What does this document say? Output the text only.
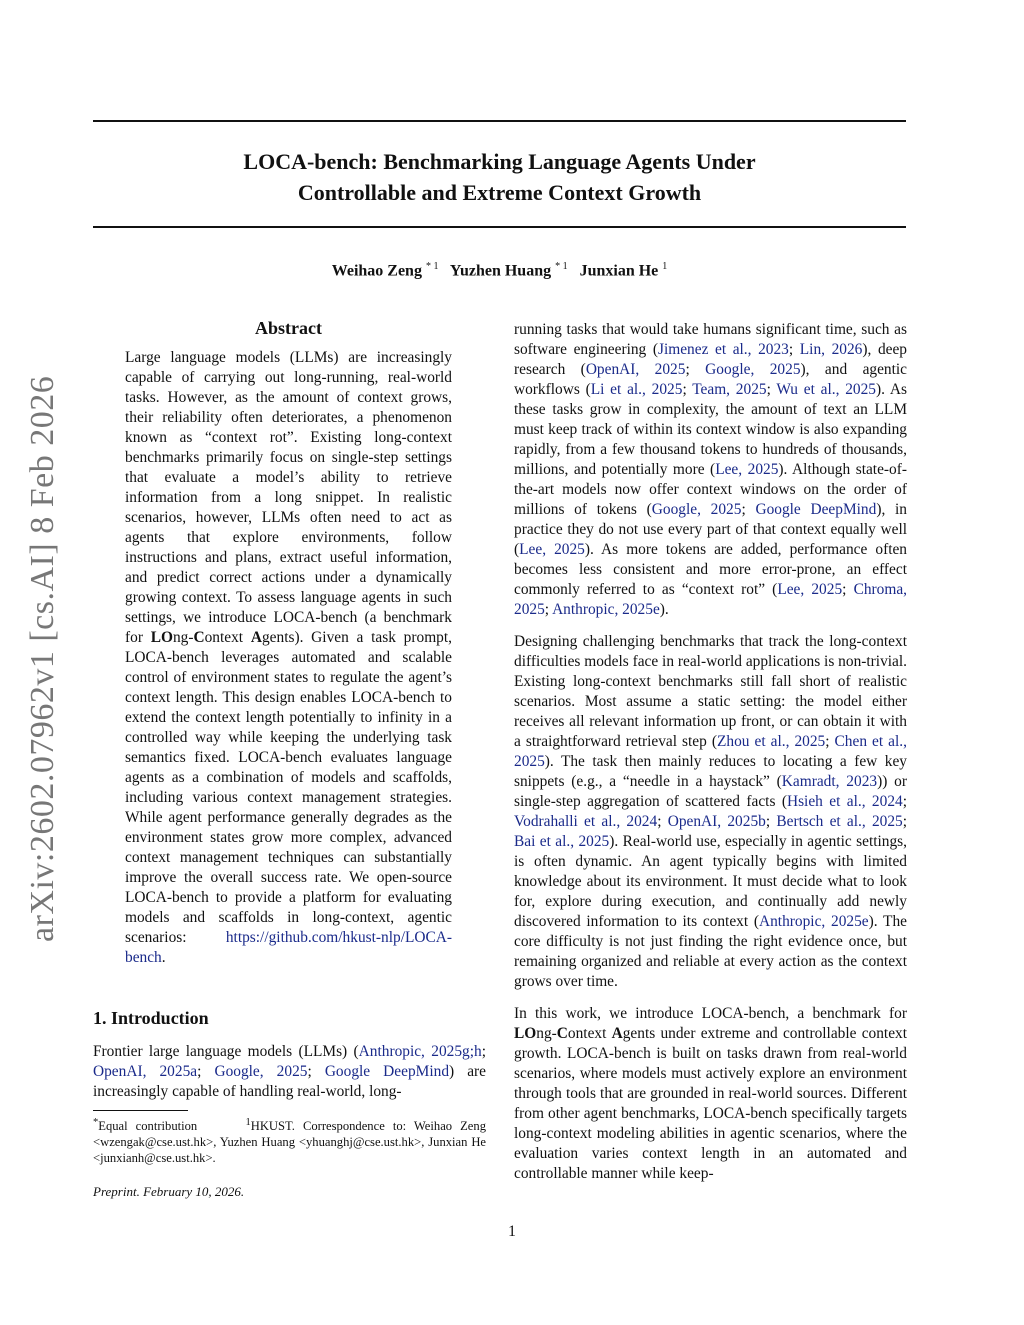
LOCA-bench: Benchmarking Language Agents Under
Controllable and Extreme Context Growth
Weihao Zeng $^{* 1}$ Yuzhen Huang $^{* 1}$ Junxian He $^1$
arXiv:2602.07962v1 [cs.AI] 8 Feb 2026
Abstract
Large language models (LLMs) are increasingly capable of carrying out long-running, real-world tasks. However, as the amount of context grows, their reliability often deteriorates, a phenomenon known as “context rot”. Existing long-context benchmarks primarily focus on single-step settings that evaluate a model’s ability to retrieve information from a long snippet. In realistic scenarios, however, LLMs often need to act as agents that explore environments, follow instructions and plans, extract useful information, and predict correct actions under a dynamically growing context. To assess language agents in such settings, we introduce LOCA-bench (a benchmark for LOng-Context Agents). Given a task prompt, LOCA-bench leverages automated and scalable control of environment states to regulate the agent’s context length. This design enables LOCA-bench to extend the context length potentially to infinity in a controlled way while keeping the underlying task semantics fixed. LOCA-bench evaluates language agents as a combination of models and scaffolds, including various context management strategies. While agent performance generally degrades as the environment states grow more complex, advanced context management techniques can substantially improve the overall success rate. We open-source LOCA-bench to provide a platform for evaluating models and scaffolds in long-context, agentic scenarios: https://github.com/hkust-nlp/LOCA-bench.
1. Introduction
Frontier large language models (LLMs) (Anthropic, 2025g;h; OpenAI, 2025a; Google, 2025; Google DeepMind) are increasingly capable of handling real-world, long-
*Equal contribution	$^1$HKUST. Correspondence to: Weihao Zeng <wzengak@cse.ust.hk>, Yuzhen Huang <yhuanghj@cse.ust.hk>, Junxian He <junxianh@cse.ust.hk>.
Preprint. February 10, 2026.

running tasks that would take humans significant time, such as software engineering (Jimenez et al., 2023; Lin, 2026), deep research (OpenAI, 2025; Google, 2025), and agentic workflows (Li et al., 2025; Team, 2025; Wu et al., 2025). As these tasks grow in complexity, the amount of text an LLM must keep track of within its context window is also expanding rapidly, from a few thousand tokens to hundreds of thousands, millions, and potentially more (Lee, 2025). Although state-of-the-art models now offer context windows on the order of millions of tokens (Google, 2025; Google DeepMind), in practice they do not use every part of that context equally well (Lee, 2025). As more tokens are added, performance often becomes less consistent and more error-prone, an effect commonly referred to as “context rot” (Lee, 2025; Chroma, 2025; Anthropic, 2025e).

Designing challenging benchmarks that track the long-context difficulties models face in real-world applications is non-trivial. Existing long-context benchmarks still fall short of realistic scenarios. Most assume a static setting: the model either receives all relevant information up front, or can obtain it with a straightforward retrieval step (Zhou et al., 2025; Chen et al., 2025). The task then mainly reduces to locating a few key snippets (e.g., a “needle in a haystack” (Kamradt, 2023)) or single-step aggregation of scattered facts (Hsieh et al., 2024; Vodrahalli et al., 2024; OpenAI, 2025b; Bertsch et al., 2025; Bai et al., 2025). Real-world use, especially in agentic settings, is often dynamic. An agent typically begins with limited knowledge about its environment. It must decide what to look for, explore during execution, and continually add newly discovered information to its context (Anthropic, 2025e). The core difficulty is not just finding the right evidence once, but remaining organized and reliable at every action as the context grows over time.

In this work, we introduce LOCA-bench, a benchmark for LOng-Context Agents under extreme and controllable context growth. LOCA-bench is built on tasks drawn from real-world scenarios, where models must actively explore an environment through tools that are grounded in real-world sources. Different from other agent benchmarks, LOCA-bench specifically targets long-context modeling abilities in agentic scenarios, where the evaluation varies context length in an automated and controllable manner while keep-

1
